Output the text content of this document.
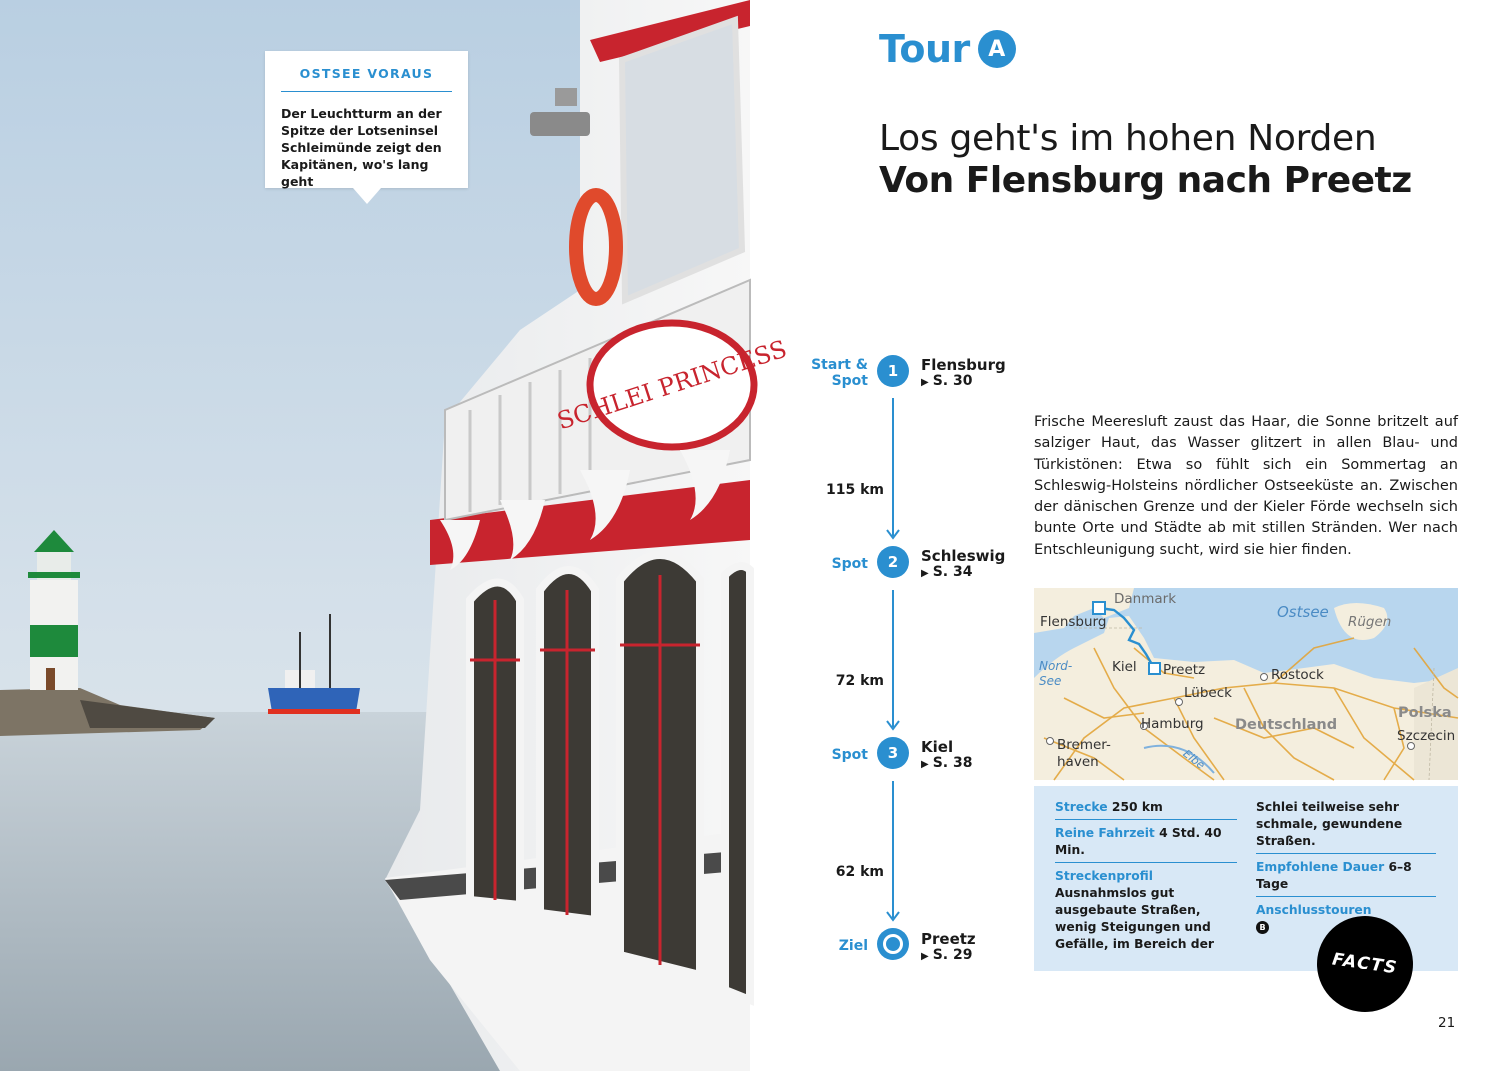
SCHLEI PRINCESS
OSTSEE VORAUS
Der Leuchtturm an der
Spitze der Lotseninsel
Schleimünde zeigt den
Kapitänen, wo's lang geht
Tour A
Los geht's im hohen Norden
Von Flensburg nach Preetz
Start &
Spot
1	Flensburg
▶ S. 30
115 km
Spot	2	Schleswig
▶ S. 34
72 km
Spot	3	Kiel
▶ S. 38
62 km
Ziel	Preetz
▶ S. 29
Frische Meeresluft zaust das Haar, die Sonne britzelt auf salziger Haut, das Wasser glitzert in allen Blau- und Türkistönen: Etwa so fühlt sich ein Sommertag an Schleswig-Holsteins nördlicher Ostseeküste an. Zwischen der dänischen Grenze und der Kieler Förde wechseln sich bunte Orte und Städte ab mit stillen Stränden. Wer nach Entschleunigung sucht, wird sie hier finden.
Danmark
Ostsee
Rügen
Flensburg
Nord-
See
Kiel Preetz	Rostock
Lübeck
Hamburg Deutschland
Polska
Szczecin
Bremer-
haven	Elbe
Strecke 250 km
Reine Fahrzeit 4 Std. 40 Min.
Streckenprofil Ausnahmslos gut ausgebaute Straßen, wenig Steigungen und Gefälle, im Bereich der
Schlei teilweise sehr schmale, gewundene Straßen.
Empfohlene Dauer 6–8 Tage
Anschlusstouren
B
FACTS
21
